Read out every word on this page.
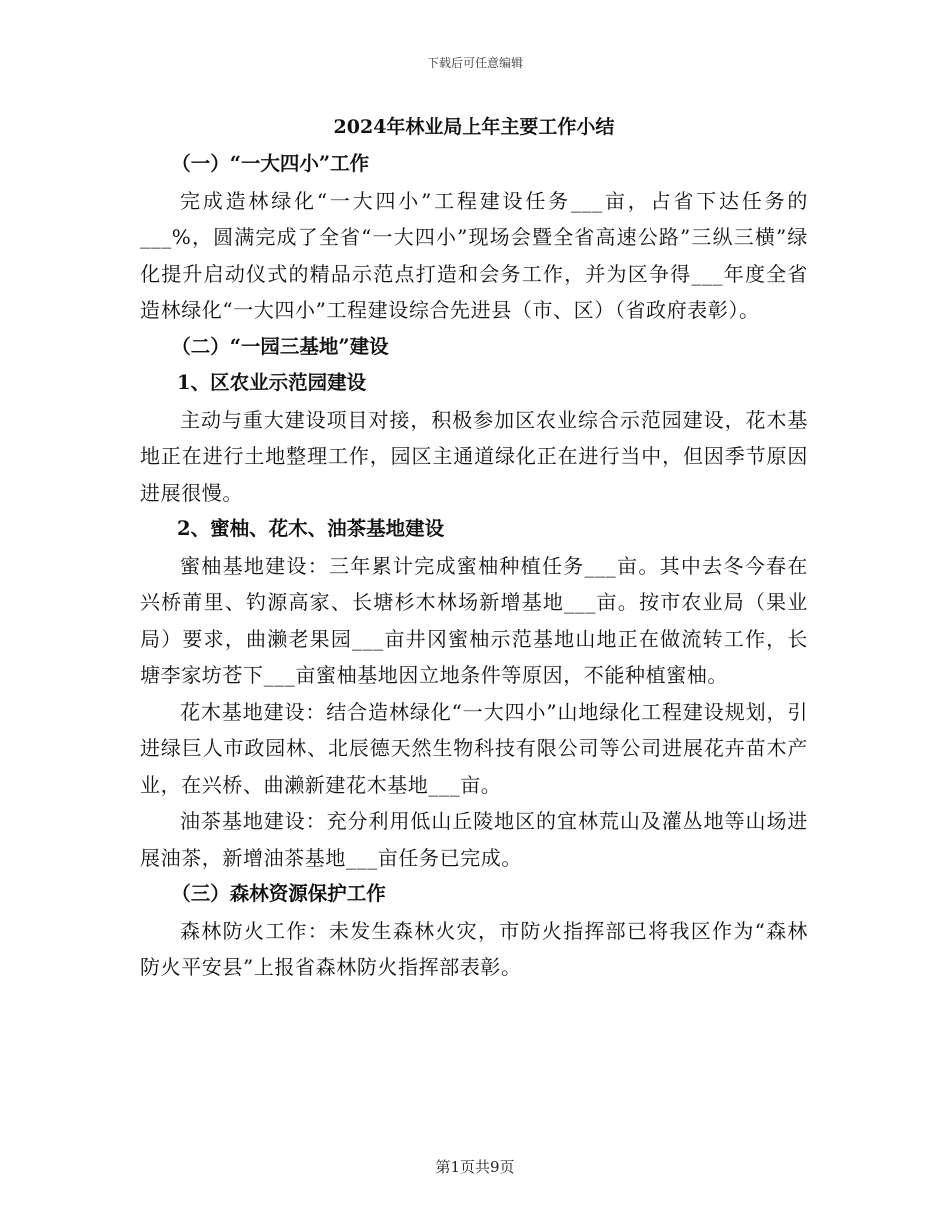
下载后可任意编辑
2024年林业局上年主要工作小结

（一）“一大四小”工作

完成造林绿化“一大四小”工程建设任务___亩，占省下达任务的___%，圆满完成了全省“一大四小”现场会暨全省高速公路”三纵三横”绿化提升启动仪式的精品示范点打造和会务工作，并为区争得___年度全省造林绿化“一大四小”工程建设综合先进县（市、区）（省政府表彰）。

（二）“一园三基地”建设

1、区农业示范园建设

主动与重大建设项目对接，积极参加区农业综合示范园建设，花木基地正在进行土地整理工作，园区主通道绿化正在进行当中，但因季节原因进展很慢。

2、蜜柚、花木、油茶基地建设

蜜柚基地建设：三年累计完成蜜柚种植任务___亩。其中去冬今春在兴桥莆里、钓源高家、长塘杉木林场新增基地___亩。按市农业局（果业局）要求，曲濑老果园___亩井冈蜜柚示范基地山地正在做流转工作，长塘李家坊苍下___亩蜜柚基地因立地条件等原因，不能种植蜜柚。

花木基地建设：结合造林绿化“一大四小”山地绿化工程建设规划，引进绿巨人市政园林、北辰德天然生物科技有限公司等公司进展花卉苗木产业，在兴桥、曲濑新建花木基地___亩。

油茶基地建设：充分利用低山丘陵地区的宜林荒山及灌丛地等山场进展油茶，新增油茶基地___亩任务已完成。

（三）森林资源保护工作

森林防火工作：未发生森林火灾，市防火指挥部已将我区作为“森林防火平安县”上报省森林防火指挥部表彰。

第1页共9页
